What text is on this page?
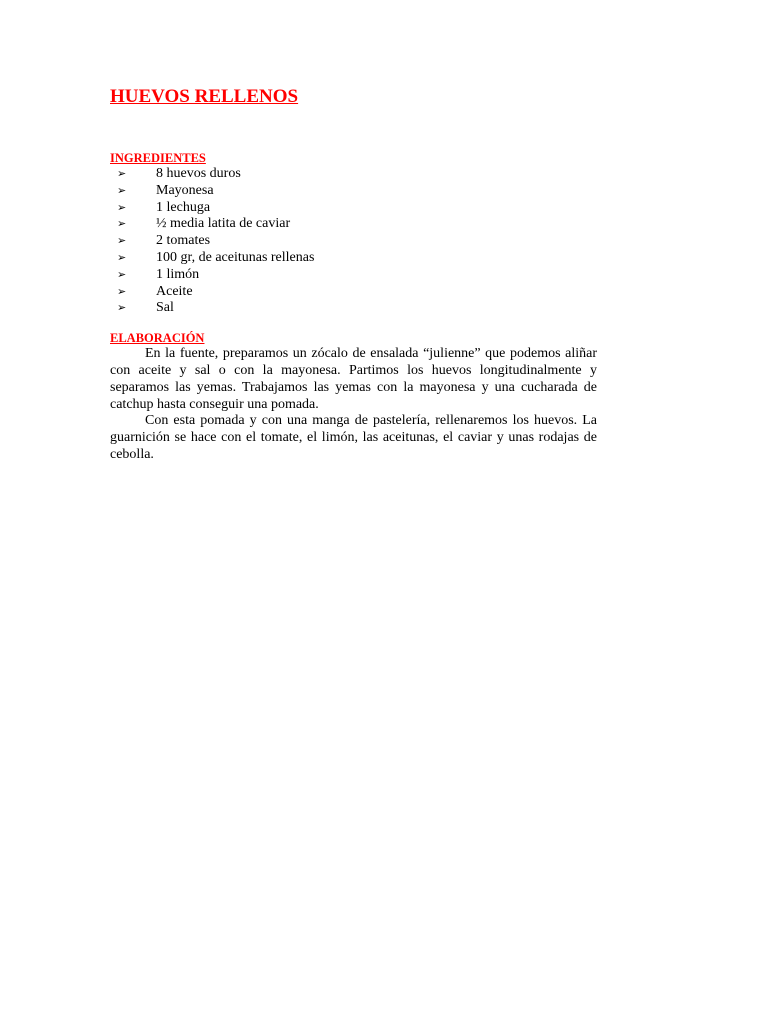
HUEVOS RELLENOS
INGREDIENTES
➢ 8 huevos duros
➢ Mayonesa
➢ 1 lechuga
➢ ½ media latita de caviar
➢ 2 tomates
➢ 100 gr, de aceitunas rellenas
➢ 1 limón
➢ Aceite
➢ Sal
ELABORACIÓN

En la fuente, preparamos un zócalo de ensalada “julienne” que podemos aliñar con aceite y sal o con la mayonesa. Partimos los huevos longitudinalmente y separamos las yemas. Trabajamos las yemas con la mayonesa y una cucharada de catchup hasta conseguir una pomada.

Con esta pomada y con una manga de pastelería, rellenaremos los huevos. La guarnición se hace con el tomate, el limón, las aceitunas, el caviar y unas rodajas de cebolla.
